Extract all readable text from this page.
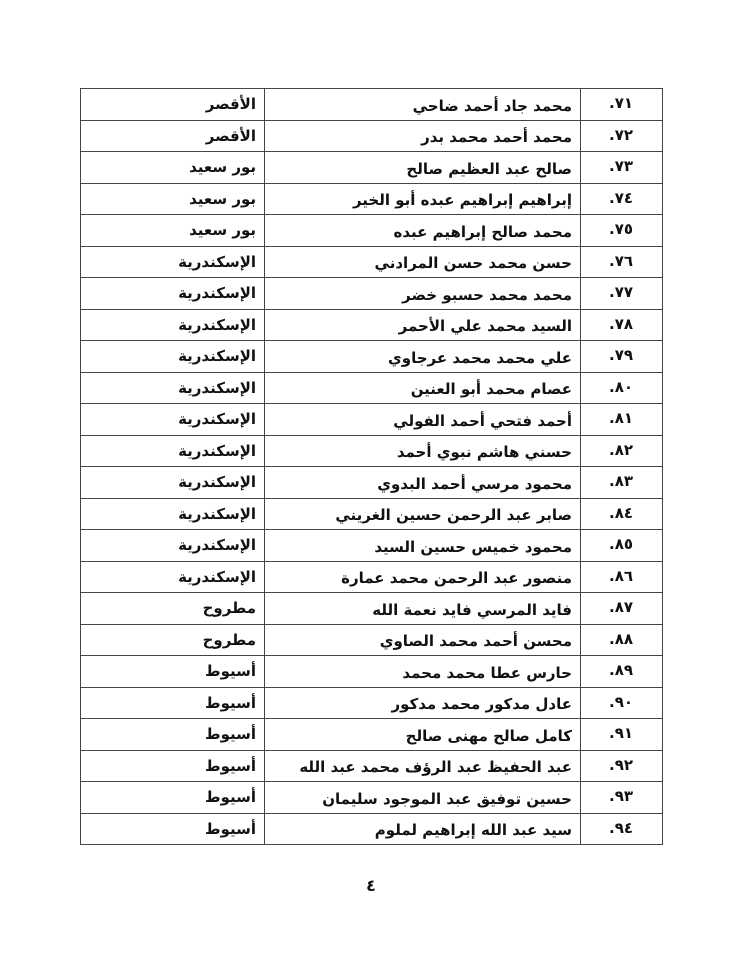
٧١.	محمد جاد أحمد ضاحي	الأقصر
٧٢.	محمد أحمد محمد بدر	الأقصر
٧٣.	صالح عبد العظيم صالح	بور سعيد
٧٤.	إبراهيم إبراهيم عبده أبو الخير	بور سعيد
٧٥.	محمد صالح إبراهيم عبده	بور سعيد
٧٦.	حسن محمد حسن المرادني	الإسكندرية
٧٧.	محمد محمد حسبو خضر	الإسكندرية
٧٨.	السيد محمد علي الأحمر	الإسكندرية
٧٩.	علي محمد محمد عرجاوي	الإسكندرية
٨٠.	عصام محمد أبو العنين	الإسكندرية
٨١.	أحمد فتحي أحمد الفولي	الإسكندرية
٨٢.	حسني هاشم نبوي أحمد	الإسكندرية
٨٣.	محمود مرسي أحمد البدوي	الإسكندرية
٨٤.	صابر عبد الرحمن حسين الغريني	الإسكندرية
٨٥.	محمود خميس حسين السيد	الإسكندرية
٨٦.	منصور عبد الرحمن محمد عمارة	الإسكندرية
٨٧.	فايد المرسي فايد نعمة الله	مطروح
٨٨.	محسن أحمد محمد الصاوي	مطروح
٨٩.	حارس عطا محمد محمد	أسيوط
٩٠.	عادل مدكور محمد مدكور	أسيوط
٩١.	كامل صالح مهنى صالح	أسيوط
٩٢.	عبد الحفيظ عبد الرؤف محمد عبد الله	أسيوط
٩٣.	حسين توفيق عبد الموجود سليمان	أسيوط
٩٤.	سيد عبد الله إبراهيم لملوم	أسيوط
٤
